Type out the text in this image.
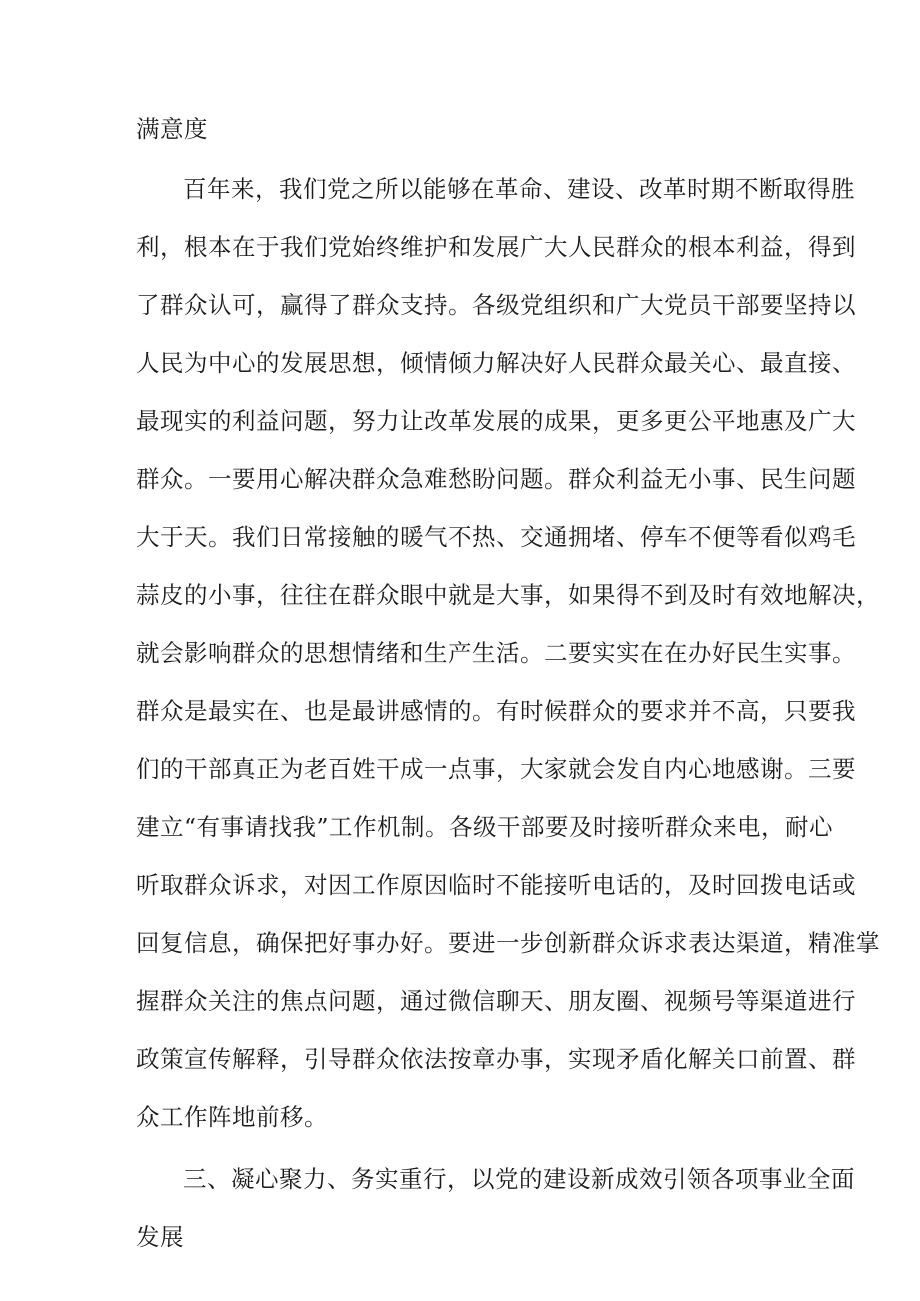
满意度
百年来，我们党之所以能够在革命、建设、改革时期不断取得胜
利，根本在于我们党始终维护和发展广大人民群众的根本利益，得到
了群众认可，赢得了群众支持。各级党组织和广大党员干部要坚持以
人民为中心的发展思想，倾情倾力解决好人民群众最关心、最直接、
最现实的利益问题，努力让改革发展的成果，更多更公平地惠及广大
群众。一要用心解决群众急难愁盼问题。群众利益无小事、民生问题
大于天。我们日常接触的暖气不热、交通拥堵、停车不便等看似鸡毛
蒜皮的小事，往往在群众眼中就是大事，如果得不到及时有效地解决，
就会影响群众的思想情绪和生产生活。二要实实在在办好民生实事。
群众是最实在、也是最讲感情的。有时候群众的要求并不高，只要我
们的干部真正为老百姓干成一点事，大家就会发自内心地感谢。三要
建立“有事请找我”工作机制。各级干部要及时接听群众来电，耐心
听取群众诉求，对因工作原因临时不能接听电话的，及时回拨电话或
回复信息，确保把好事办好。要进一步创新群众诉求表达渠道，精准掌
握群众关注的焦点问题，通过微信聊天、朋友圈、视频号等渠道进行
政策宣传解释，引导群众依法按章办事，实现矛盾化解关口前置、群
众工作阵地前移。
三、凝心聚力、务实重行，以党的建设新成效引领各项事业全面
发展
